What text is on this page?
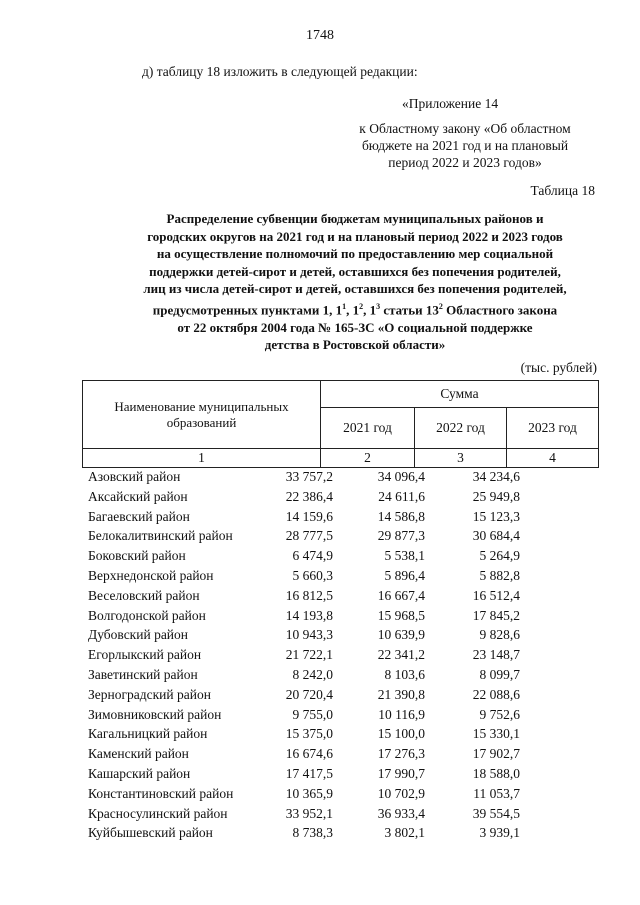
1748
д) таблицу 18 изложить в следующей редакции:
«Приложение 14
к Областному закону «Об областном
бюджете на 2021 год и на плановый
период 2022 и 2023 годов»
Таблица 18
Распределение субвенции бюджетам муниципальных районов и
городских округов на 2021 год и на плановый период 2022 и 2023 годов
на осуществление полномочий по предоставлению мер социальной
поддержки детей-сирот и детей, оставшихся без попечения родителей,
лиц из числа детей-сирот и детей, оставшихся без попечения родителей,
предусмотренных пунктами 1, $1^1$, $1^2$, $1^3$ статьи $13^2$ Областного закона
от 22 октября 2004 года № 165-ЗС «О социальной поддержке
детства в Ростовской области»
(тыс. рублей)
Наименование муниципальных образований	Сумма		
	2021 год	2022 год	2023 год
1	2	3	4
Азовский район	33 757,2	34 096,4	34 234,6
Аксайский район	22 386,4	24 611,6	25 949,8
Багаевский район	14 159,6	14 586,8	15 123,3
Белокалитвинский район	28 777,5	29 877,3	30 684,4
Боковский район	6 474,9	5 538,1	5 264,9
Верхнедонской район	5 660,3	5 896,4	5 882,8
Веселовский район	16 812,5	16 667,4	16 512,4
Волгодонской район	14 193,8	15 968,5	17 845,2
Дубовский район	10 943,3	10 639,9	9 828,6
Егорлыкский район	21 722,1	22 341,2	23 148,7
Заветинский район	8 242,0	8 103,6	8 099,7
Зерноградский район	20 720,4	21 390,8	22 088,6
Зимовниковский район	9 755,0	10 116,9	9 752,6
Кагальницкий район	15 375,0	15 100,0	15 330,1
Каменский район	16 674,6	17 276,3	17 902,7
Кашарский район	17 417,5	17 990,7	18 588,0
Константиновский район	10 365,9	10 702,9	11 053,7
Красносулинский район	33 952,1	36 933,4	39 554,5
Куйбышевский район	8 738,3	3 802,1	3 939,1
